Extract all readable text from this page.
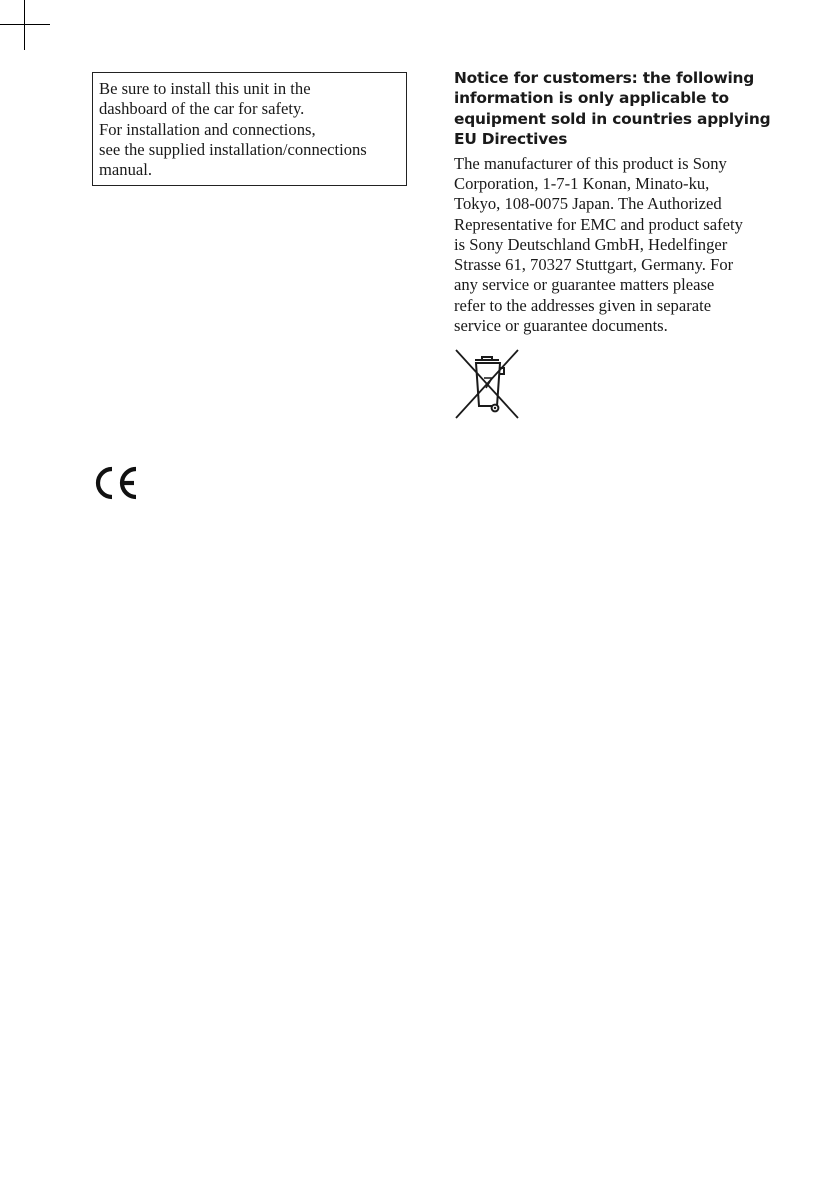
Be sure to install this unit in the
dashboard of the car for safety.
For installation and connections,
see the supplied installation/connections
manual.
Notice for customers: the following
information is only applicable to
equipment sold in countries applying
EU Directives
The manufacturer of this product is Sony
Corporation, 1-7-1 Konan, Minato-ku,
Tokyo, 108-0075 Japan. The Authorized
Representative for EMC and product safety
is Sony Deutschland GmbH, Hedelfinger
Strasse 61, 70327 Stuttgart, Germany. For
any service or guarantee matters please
refer to the addresses given in separate
service or guarantee documents.
